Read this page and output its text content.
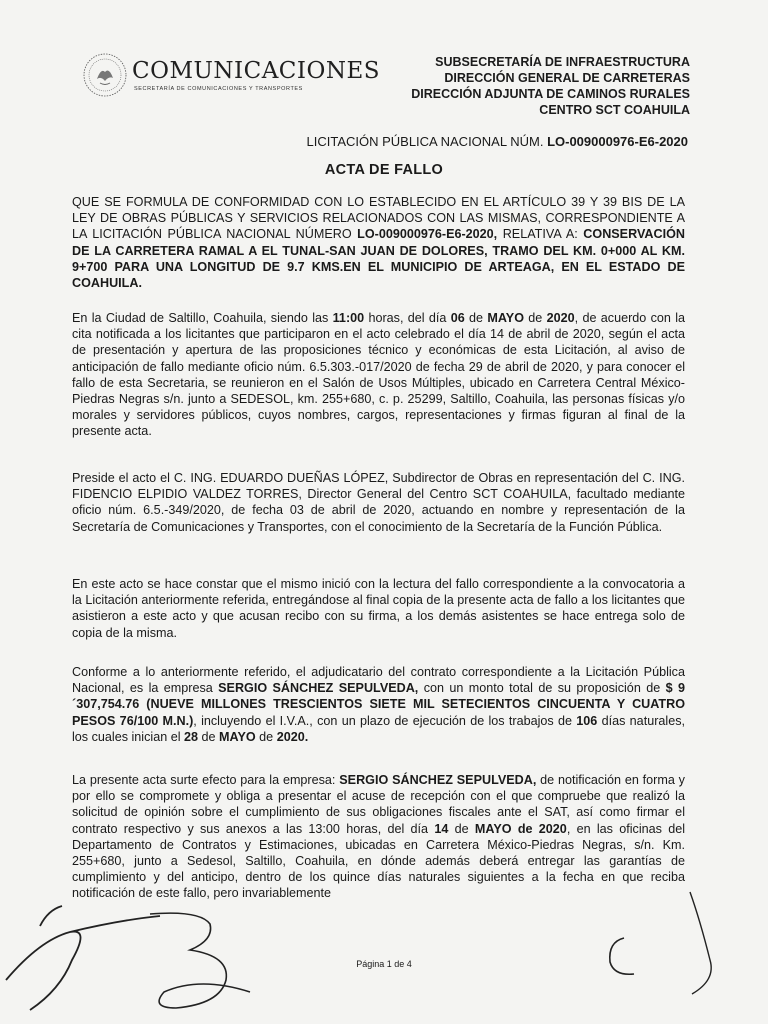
COMUNICACIONES
SECRETARÍA DE COMUNICACIONES Y TRANSPORTES
SUBSECRETARÍA DE INFRAESTRUCTURA
DIRECCIÓN GENERAL DE CARRETERAS
DIRECCIÓN ADJUNTA DE CAMINOS RURALES
CENTRO SCT COAHUILA
LICITACIÓN PÚBLICA NACIONAL NÚM. LO-009000976-E6-2020
ACTA DE FALLO
QUE SE FORMULA DE CONFORMIDAD CON LO ESTABLECIDO EN EL ARTÍCULO 39 Y 39 BIS DE LA LEY DE OBRAS PÚBLICAS Y SERVICIOS RELACIONADOS CON LAS MISMAS, CORRESPONDIENTE A LA LICITACIÓN PÚBLICA NACIONAL NÚMERO LO-009000976-E6-2020, RELATIVA A: CONSERVACIÓN DE LA CARRETERA RAMAL A EL TUNAL-SAN JUAN DE DOLORES, TRAMO DEL KM. 0+000 AL KM. 9+700 PARA UNA LONGITUD DE 9.7 KMS.EN EL MUNICIPIO DE ARTEAGA, EN EL ESTADO DE COAHUILA.
En la Ciudad de Saltillo, Coahuila, siendo las 11:00 horas, del día 06 de MAYO de 2020, de acuerdo con la cita notificada a los licitantes que participaron en el acto celebrado el día 14 de abril de 2020, según el acta de presentación y apertura de las proposiciones técnico y económicas de esta Licitación, al aviso de anticipación de fallo mediante oficio núm. 6.5.303.-017/2020 de fecha 29 de abril de 2020, y para conocer el fallo de esta Secretaria, se reunieron en el Salón de Usos Múltiples, ubicado en Carretera Central México-Piedras Negras s/n. junto a SEDESOL, km. 255+680, c. p. 25299, Saltillo, Coahuila, las personas físicas y/o morales y servidores públicos, cuyos nombres, cargos, representaciones y firmas figuran al final de la presente acta.
Preside el acto el C. ING. EDUARDO DUEÑAS LÓPEZ, Subdirector de Obras en representación del C. ING. FIDENCIO ELPIDIO VALDEZ TORRES, Director General del Centro SCT COAHUILA, facultado mediante oficio núm. 6.5.-349/2020, de fecha 03 de abril de 2020, actuando en nombre y representación de la Secretaría de Comunicaciones y Transportes, con el conocimiento de la Secretaría de la Función Pública.
En este acto se hace constar que el mismo inició con la lectura del fallo correspondiente a la convocatoria a la Licitación anteriormente referida, entregándose al final copia de la presente acta de fallo a los licitantes que asistieron a este acto y que acusan recibo con su firma, a los demás asistentes se hace entrega solo de copia de la misma.
Conforme a lo anteriormente referido, el adjudicatario del contrato correspondiente a la Licitación Pública Nacional, es la empresa SERGIO SÁNCHEZ SEPULVEDA, con un monto total de su proposición de $ 9´307,754.76 (NUEVE MILLONES TRESCIENTOS SIETE MIL SETECIENTOS CINCUENTA Y CUATRO PESOS 76/100 M.N.), incluyendo el I.V.A., con un plazo de ejecución de los trabajos de 106 días naturales, los cuales inician el 28 de MAYO de 2020.
La presente acta surte efecto para la empresa: SERGIO SÁNCHEZ SEPULVEDA, de notificación en forma y por ello se compromete y obliga a presentar el acuse de recepción con el que compruebe que realizó la solicitud de opinión sobre el cumplimiento de sus obligaciones fiscales ante el SAT, así como firmar el contrato respectivo y sus anexos a las 13:00 horas, del día 14 de MAYO de 2020, en las oficinas del Departamento de Contratos y Estimaciones, ubicadas en Carretera México-Piedras Negras, s/n. Km. 255+680, junto a Sedesol, Saltillo, Coahuila, en dónde además deberá entregar las garantías de cumplimiento y del anticipo, dentro de los quince días naturales siguientes a la fecha en que reciba notificación de este fallo, pero invariablemente
Página 1 de 4
